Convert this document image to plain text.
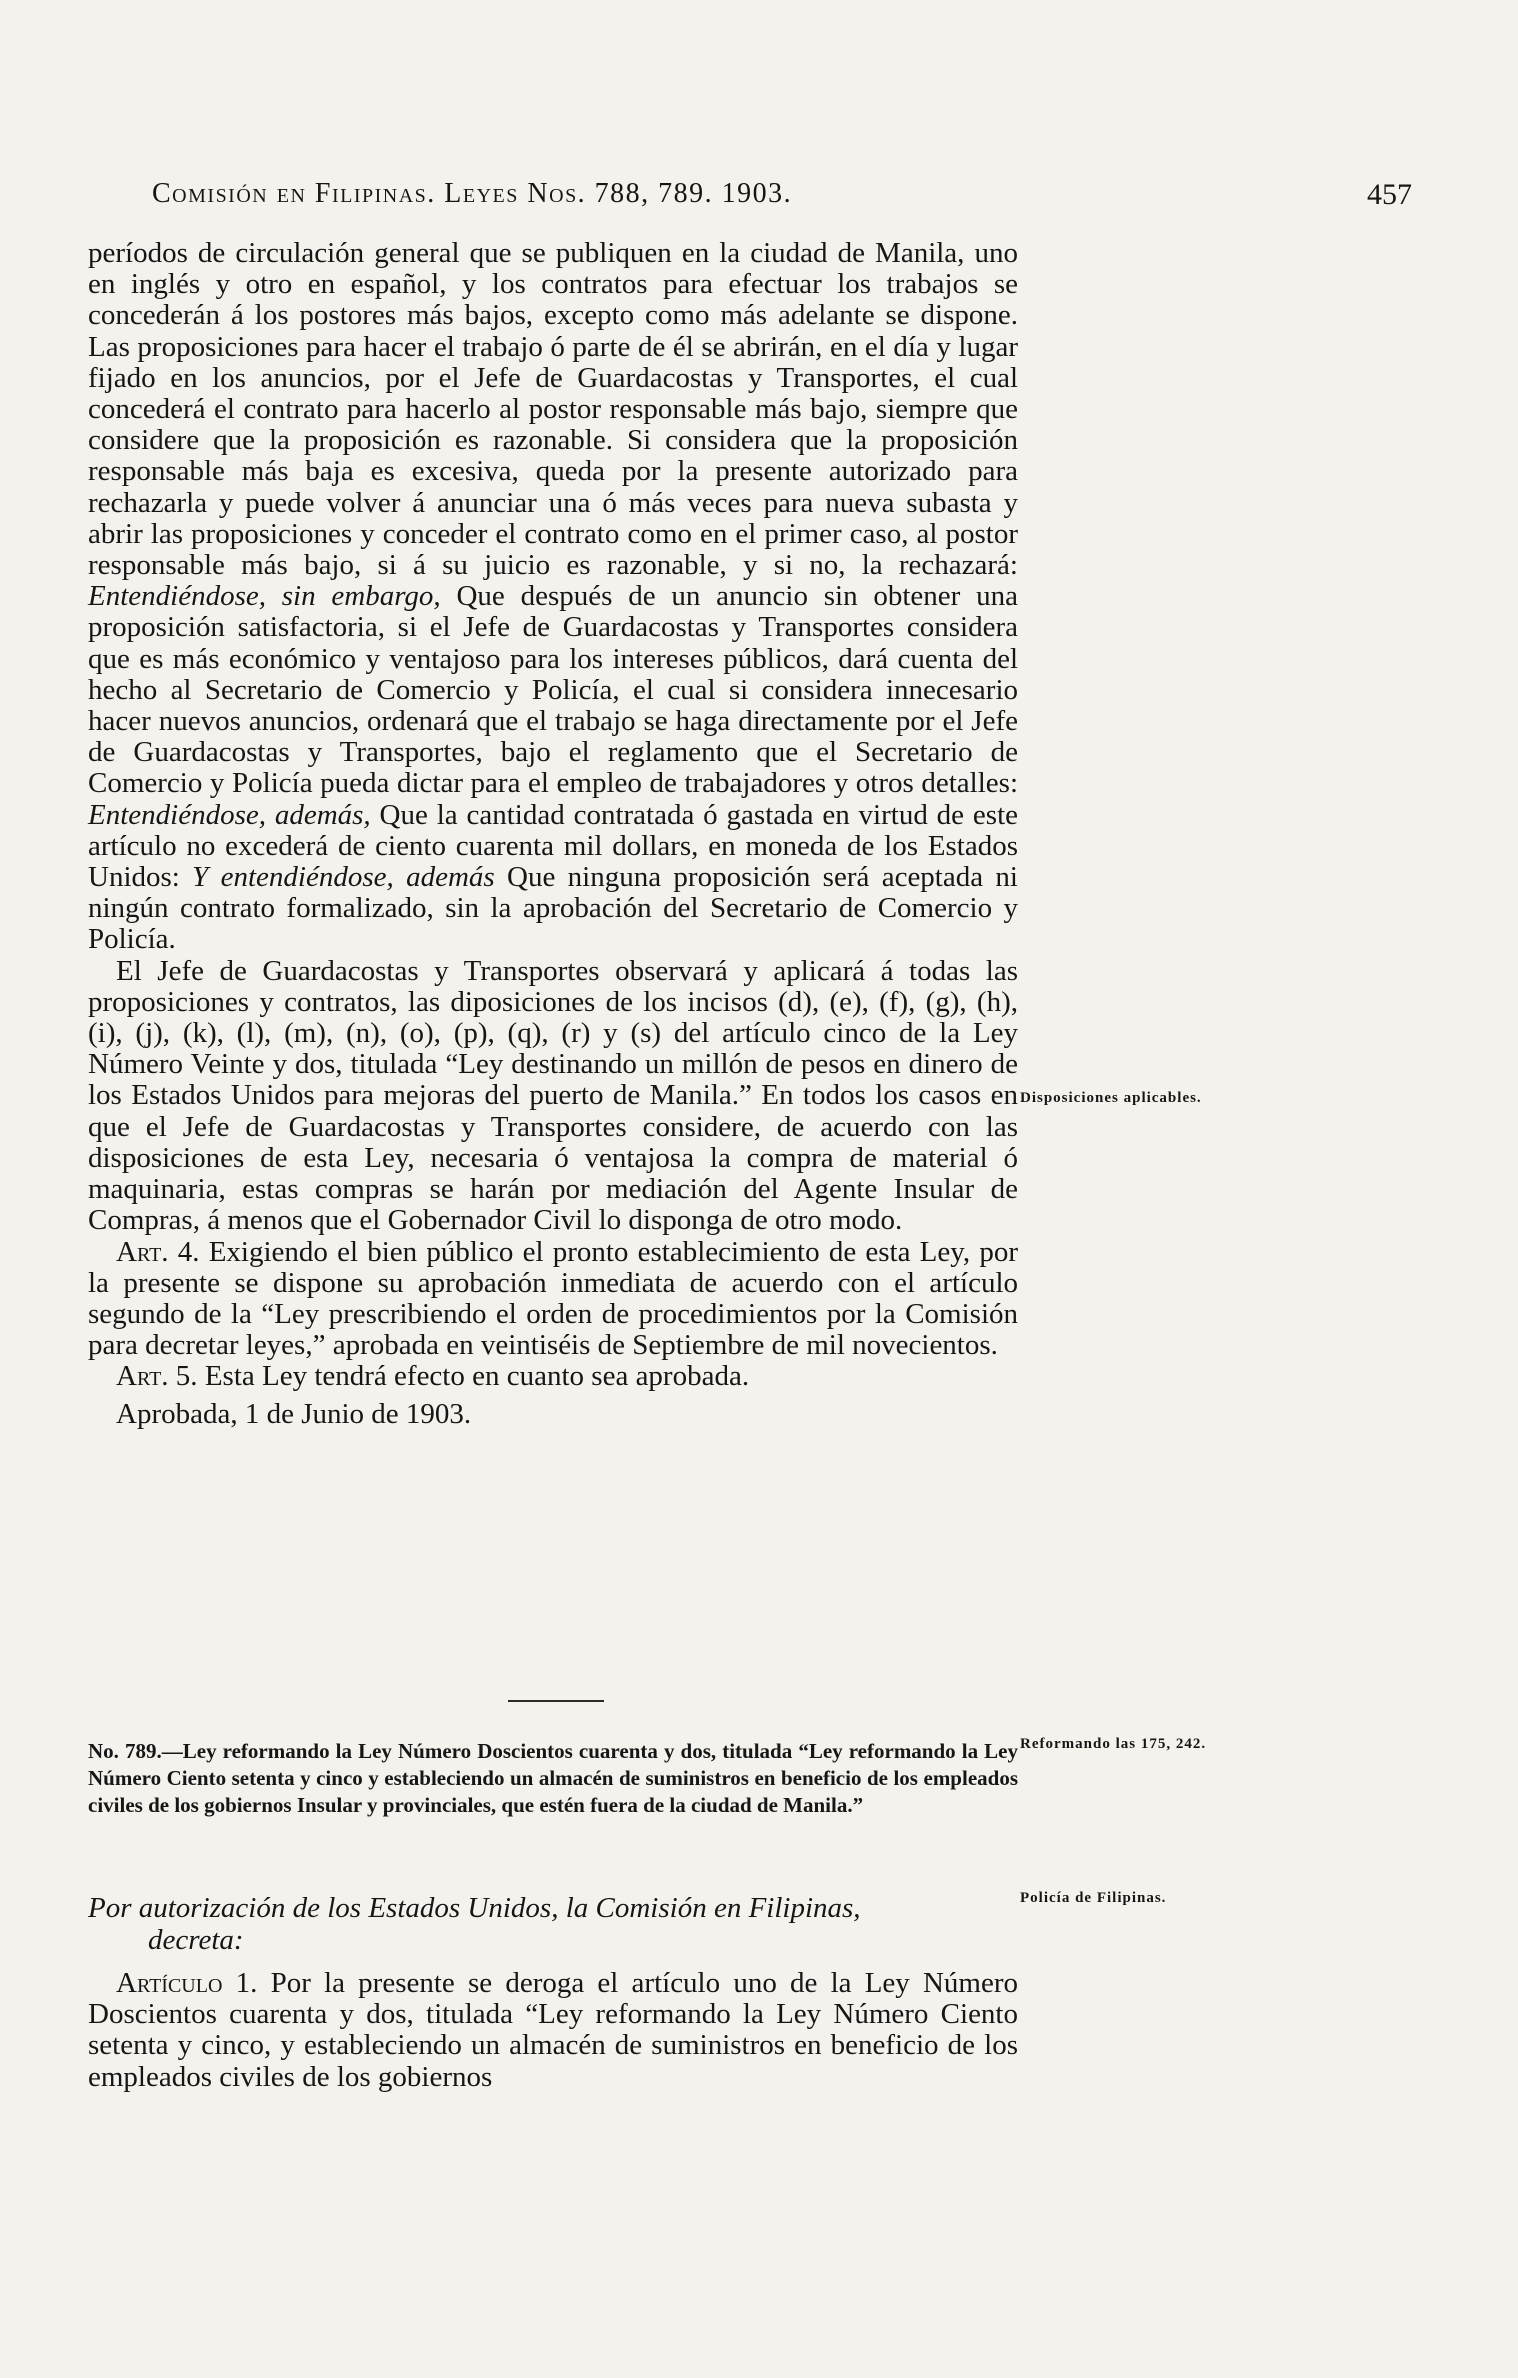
Comisión en Filipinas. Leyes Nos. 788, 789. 1903.	457

períodos de circulación general que se publiquen en la ciudad de Manila, uno en inglés y otro en español, y los contratos para efectuar los trabajos se concederán á los postores más bajos, excepto como más adelante se dispone. Las proposiciones para hacer el trabajo ó parte de él se abrirán, en el día y lugar fijado en los anuncios, por el Jefe de Guardacostas y Transportes, el cual concederá el contrato para hacerlo al postor responsable más bajo, siempre que considere que la proposición es razonable. Si considera que la proposición responsable más baja es excesiva, queda por la presente autorizado para rechazarla y puede volver á anunciar una ó más veces para nueva subasta y abrir las proposiciones y conceder el contrato como en el primer caso, al postor responsable más bajo, si á su juicio es razonable, y si no, la rechazará: Entendiéndose, sin embargo, Que después de un anuncio sin obtener una proposición satisfactoria, si el Jefe de Guardacostas y Transportes considera que es más económico y ventajoso para los intereses públicos, dará cuenta del hecho al Secretario de Comercio y Policía, el cual si considera innecesario hacer nuevos anuncios, ordenará que el trabajo se haga directamente por el Jefe de Guardacostas y Transportes, bajo el reglamento que el Secretario de Comercio y Policía pueda dictar para el empleo de trabajadores y otros detalles: Entendiéndose, además, Que la cantidad contratada ó gastada en virtud de este artículo no excederá de ciento cuarenta mil dollars, en moneda de los Estados Unidos: Y entendiéndose, además Que ninguna proposición será aceptada ni ningún contrato formalizado, sin la aprobación del Secretario de Comercio y Policía.

El Jefe de Guardacostas y Transportes observará y aplicará á todas las proposiciones y contratos, las diposiciones de los incisos (d), (e), (f), (g), (h), (i), (j), (k), (l), (m), (n), (o), (p), (q), (r) y (s) del artículo cinco de la Ley Número Veinte y dos, titulada “Ley destinando un millón de pesos en dinero de los Estados Unidos para mejoras del puerto de Manila.” En todos los casos en que el Jefe de Guardacostas y Transportes considere, de acuerdo con las disposiciones de esta Ley, necesaria ó ventajosa la compra de material ó maquinaria, estas compras se harán por mediación del Agente Insular de Compras, á menos que el Gobernador Civil lo disponga de otro modo.

Art. 4. Exigiendo el bien público el pronto establecimiento de esta Ley, por la presente se dispone su aprobación inmediata de acuerdo con el artículo segundo de la “Ley prescribiendo el orden de procedimientos por la Comisión para decretar leyes,” aprobada en veintiséis de Septiembre de mil novecientos.

Art. 5. Esta Ley tendrá efecto en cuanto sea aprobada.

Aprobada, 1 de Junio de 1903.

No. 789.—Ley reformando la Ley Número Doscientos cuarenta y dos, titulada “Ley reformando la Ley Número Ciento setenta y cinco y estableciendo un almacén de suministros en beneficio de los empleados civiles de los gobiernos Insular y provinciales, que estén fuera de la ciudad de Manila.”
Por autorización de los Estados Unidos, la Comisión en Filipinas,
decreta:

Artículo 1. Por la presente se deroga el artículo uno de la Ley Número Doscientos cuarenta y dos, titulada “Ley reformando la Ley Número Ciento setenta y cinco, y estableciendo un almacén de suministros en beneficio de los empleados civiles de los gobiernos

Disposiciones aplicables.
Reformando las 175, 242.
Policía de Filipinas.
